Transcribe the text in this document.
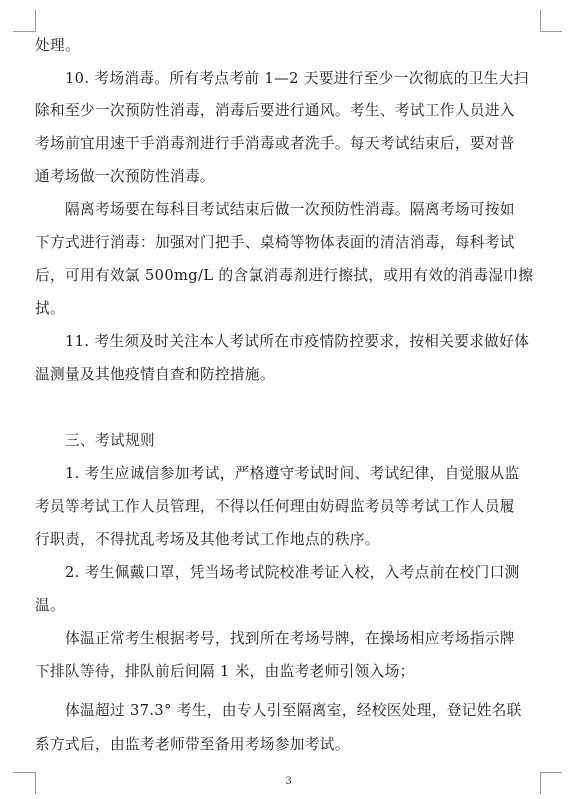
处理。
10. 考场消毒。所有考点考前 1—2 天要进行至少一次彻底的卫生大扫
除和至少一次预防性消毒，消毒后要进行通风。考生、考试工作人员进入
考场前宜用速干手消毒剂进行手消毒或者洗手。每天考试结束后，要对普
通考场做一次预防性消毒。
隔离考场要在每科目考试结束后做一次预防性消毒。隔离考场可按如
下方式进行消毒：加强对门把手、桌椅等物体表面的清洁消毒，每科考试
后，可用有效氯 500mg/L 的含氯消毒剂进行擦拭，或用有效的消毒湿巾擦
拭。
11. 考生须及时关注本人考试所在市疫情防控要求，按相关要求做好体
温测量及其他疫情自查和防控措施。
三、考试规则
1. 考生应诚信参加考试，严格遵守考试时间、考试纪律，自觉服从监
考员等考试工作人员管理，不得以任何理由妨碍监考员等考试工作人员履
行职责，不得扰乱考场及其他考试工作地点的秩序。
2. 考生佩戴口罩，凭当场考试院校准考证入校，入考点前在校门口测
温。
体温正常考生根据考号，找到所在考场号牌，在操场相应考场指示牌
下排队等待，排队前后间隔 1 米，由监考老师引领入场；
体温超过 37.3° 考生，由专人引至隔离室，经校医处理，登记姓名联
系方式后，由监考老师带至备用考场参加考试。
3
